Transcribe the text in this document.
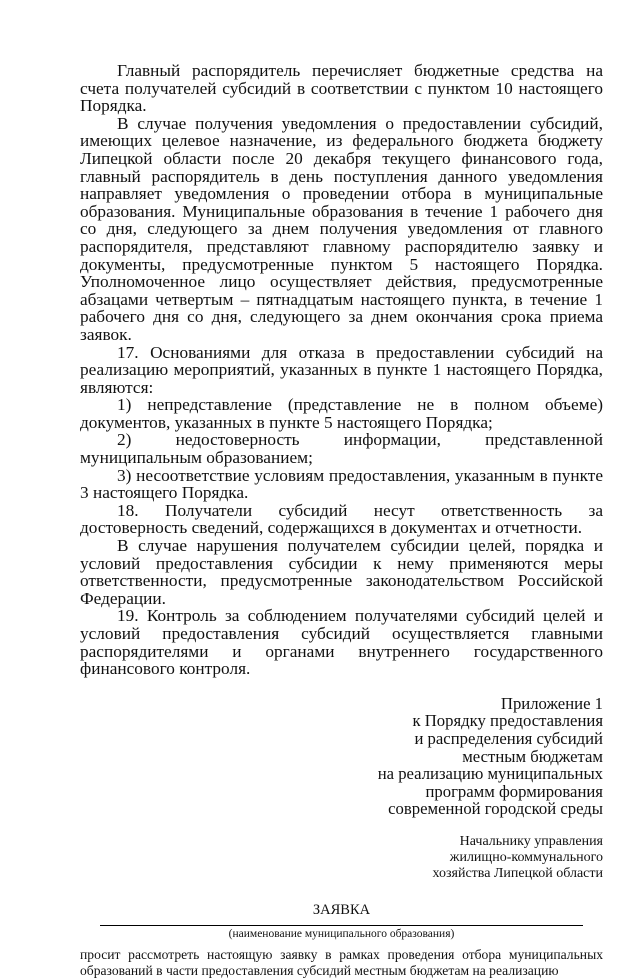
Главный распорядитель перечисляет бюджетные средства на счета получателей субсидий в соответствии с пунктом 10 настоящего Порядка.

В случае получения уведомления о предоставлении субсидий, имеющих целевое назначение, из федерального бюджета бюджету Липецкой области после 20 декабря текущего финансового года, главный распорядитель в день поступления данного уведомления направляет уведомления о проведении отбора в муниципальные образования. Муниципальные образования в течение 1 рабочего дня со дня, следующего за днем получения уведомления от главного распорядителя, представляют главному распорядителю заявку и документы, предусмотренные пунктом 5 настоящего Порядка. Уполномоченное лицо осуществляет действия, предусмотренные абзацами четвертым – пятнадцатым настоящего пункта, в течение 1 рабочего дня со дня, следующего за днем окончания срока приема заявок.

17. Основаниями для отказа в предоставлении субсидий на реализацию мероприятий, указанных в пункте 1 настоящего Порядка, являются:

1) непредставление (представление не в полном объеме) документов, указанных в пункте 5 настоящего Порядка;

2) недостоверность информации, представленной муниципальным образованием;

3) несоответствие условиям предоставления, указанным в пункте 3 настоящего Порядка.

18. Получатели субсидий несут ответственность за достоверность сведений, содержащихся в документах и отчетности.

В случае нарушения получателем субсидии целей, порядка и условий предоставления субсидии к нему применяются меры ответственности, предусмотренные законодательством Российской Федерации.

19. Контроль за соблюдением получателями субсидий целей и условий предоставления субсидий осуществляется главными распорядителями и органами внутреннего государственного финансового контроля.

Приложение 1
к Порядку предоставления
и распределения субсидий
местным бюджетам
на реализацию муниципальных
программ формирования
современной городской среды
Начальнику управления
жилищно-коммунального
хозяйства Липецкой области
ЗАЯВКА
(наименование муниципального образования)

просит рассмотреть настоящую заявку в рамках проведения отбора муниципальных образований в части предоставления субсидий местным бюджетам на реализацию
